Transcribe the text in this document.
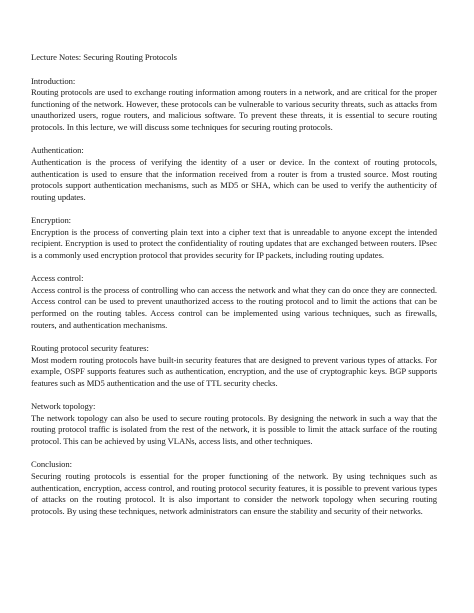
Lecture Notes: Securing Routing Protocols

Introduction:

Routing protocols are used to exchange routing information among routers in a network, and are critical for the proper functioning of the network. However, these protocols can be vulnerable to various security threats, such as attacks from unauthorized users, rogue routers, and malicious software. To prevent these threats, it is essential to secure routing protocols. In this lecture, we will discuss some techniques for securing routing protocols.

Authentication:

Authentication is the process of verifying the identity of a user or device. In the context of routing protocols, authentication is used to ensure that the information received from a router is from a trusted source. Most routing protocols support authentication mechanisms, such as MD5 or SHA, which can be used to verify the authenticity of routing updates.

Encryption:

Encryption is the process of converting plain text into a cipher text that is unreadable to anyone except the intended recipient. Encryption is used to protect the confidentiality of routing updates that are exchanged between routers. IPsec is a commonly used encryption protocol that provides security for IP packets, including routing updates.

Access control:

Access control is the process of controlling who can access the network and what they can do once they are connected. Access control can be used to prevent unauthorized access to the routing protocol and to limit the actions that can be performed on the routing tables. Access control can be implemented using various techniques, such as firewalls, routers, and authentication mechanisms.

Routing protocol security features:

Most modern routing protocols have built-in security features that are designed to prevent various types of attacks. For example, OSPF supports features such as authentication, encryption, and the use of cryptographic keys. BGP supports features such as MD5 authentication and the use of TTL security checks.

Network topology:

The network topology can also be used to secure routing protocols. By designing the network in such a way that the routing protocol traffic is isolated from the rest of the network, it is possible to limit the attack surface of the routing protocol. This can be achieved by using VLANs, access lists, and other techniques.

Conclusion:

Securing routing protocols is essential for the proper functioning of the network. By using techniques such as authentication, encryption, access control, and routing protocol security features, it is possible to prevent various types of attacks on the routing protocol. It is also important to consider the network topology when securing routing protocols. By using these techniques, network administrators can ensure the stability and security of their networks.
